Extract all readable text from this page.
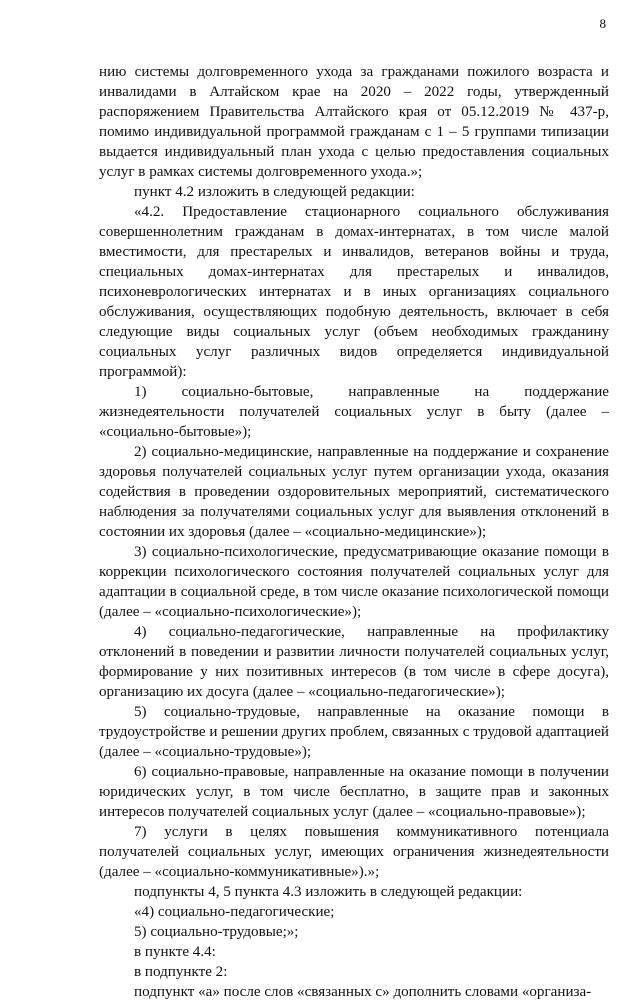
8

нию системы долговременного ухода за гражданами пожилого возраста и инвалидами в Алтайском крае на 2020 – 2022 годы, утвержденный распоряжением Правительства Алтайского края от 05.12.2019 № 437-р, помимо индивидуальной программой гражданам с 1 – 5 группами типизации выдается индивидуальный план ухода с целью предоставления социальных услуг в рамках системы долговременного ухода.»;

пункт 4.2 изложить в следующей редакции:

«4.2. Предоставление стационарного социального обслуживания совершеннолетним гражданам в домах-интернатах, в том числе малой вместимости, для престарелых и инвалидов, ветеранов войны и труда, специальных домах-интернатах для престарелых и инвалидов, психоневрологических интернатах и в иных организациях социального обслуживания, осуществляющих подобную деятельность, включает в себя следующие виды социальных услуг (объем необходимых гражданину социальных услуг различных видов определяется индивидуальной программой):

1) социально-бытовые, направленные на поддержание жизнедеятельности получателей социальных услуг в быту (далее – «социально-бытовые»);

2) социально-медицинские, направленные на поддержание и сохранение здоровья получателей социальных услуг путем организации ухода, оказания содействия в проведении оздоровительных мероприятий, систематического наблюдения за получателями социальных услуг для выявления отклонений в состоянии их здоровья (далее – «социально-медицинские»);

3) социально-психологические, предусматривающие оказание помощи в коррекции психологического состояния получателей социальных услуг для адаптации в социальной среде, в том числе оказание психологической помощи (далее – «социально-психологические»);

4) социально-педагогические, направленные на профилактику отклонений в поведении и развитии личности получателей социальных услуг, формирование у них позитивных интересов (в том числе в сфере досуга), организацию их досуга (далее – «социально-педагогические»);

5) социально-трудовые, направленные на оказание помощи в трудоустройстве и решении других проблем, связанных с трудовой адаптацией (далее – «социально-трудовые»);

6) социально-правовые, направленные на оказание помощи в получении юридических услуг, в том числе бесплатно, в защите прав и законных интересов получателей социальных услуг (далее – «социально-правовые»);

7) услуги в целях повышения коммуникативного потенциала получателей социальных услуг, имеющих ограничения жизнедеятельности (далее – «социально-коммуникативные»).»;

подпункты 4, 5 пункта 4.3 изложить в следующей редакции:

«4) социально-педагогические;

5) социально-трудовые;»;

в пункте 4.4:

в подпункте 2:

подпункт «а» после слов «связанных с» дополнить словами «организа-
